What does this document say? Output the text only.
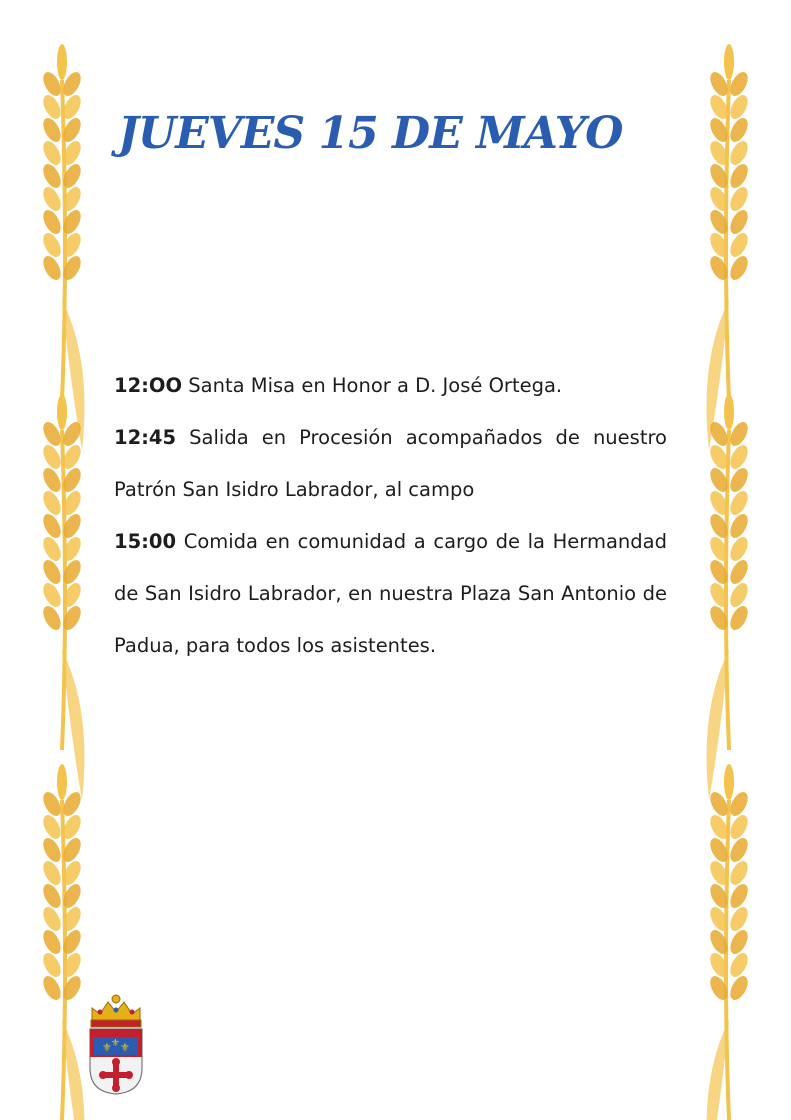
JUEVES 15 DE MAYO

12:OO Santa Misa en Honor a D. José Ortega.

12:45 Salida en Procesión acompañados de nuestro Patrón San Isidro Labrador, al campo

15:00 Comida en comunidad a cargo de la Hermandad de San Isidro Labrador, en nuestra Plaza San Antonio de Padua, para todos los asistentes.

⚜ ⚜ ⚜
